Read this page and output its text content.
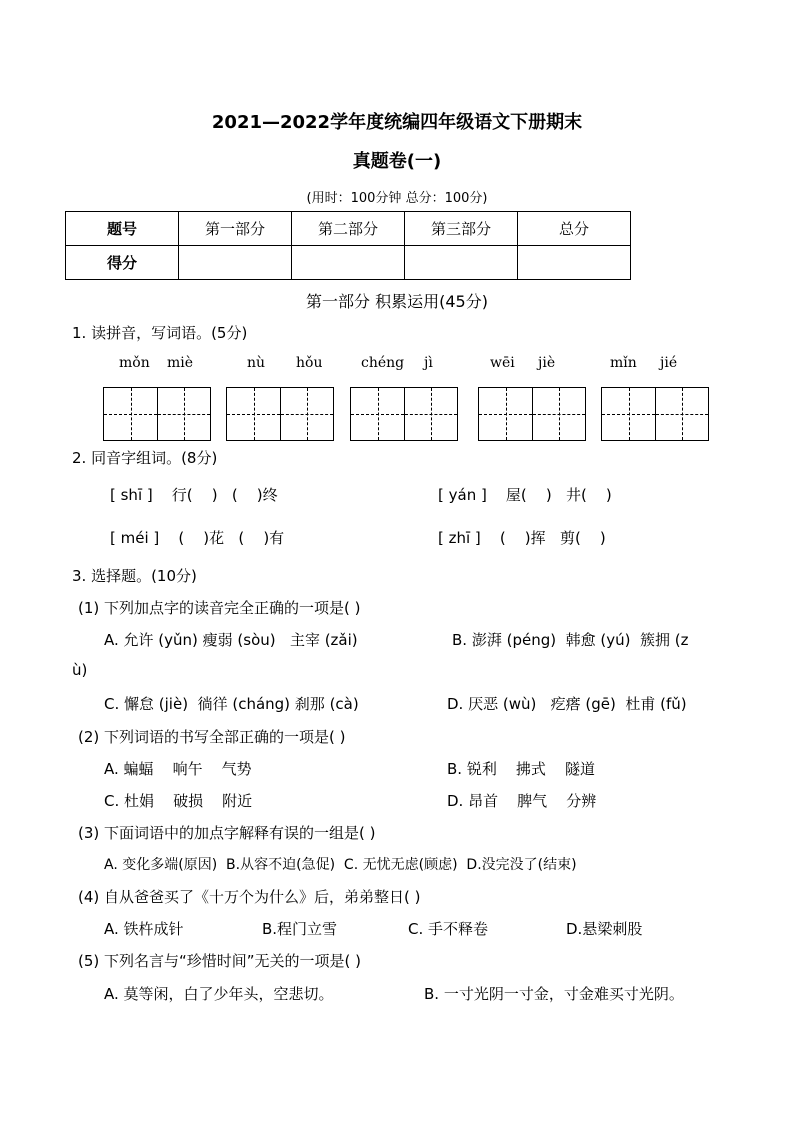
2021—2022学年度统编四年级语文下册期末
真题卷(一)
(用时：100分钟 总分：100分)
题号	第一部分	第二部分	第三部分	总分
得分				
第一部分 积累运用(45分)
1. 读拼音，写词语。(5分)
mǒn miè	nù hǒu	chéng jì	wēi jiè	mǐn jié
2. 同音字组词。(8分)
[ shī ]    行(    )   (    )终	[ yán ]    屋(    )   井(    )
[ méi ]    (    )花   (    )有	[ zhī ]    (    )挥   剪(    )
3. 选择题。(10分)
(1) 下列加点字的读音完全正确的一项是( )
A. 允许 (yǔn) 瘦弱 (sòu)   主宰 (zǎi)	B. 澎湃 (péng)  韩愈 (yú)  簇拥 (z
ù)
C. 懈怠 (jiè)  徜徉 (cháng) 刹那 (cà)	D. 厌恶 (wù)   疙瘩 (gē)  杜甫 (fǔ)
(2) 下列词语的书写全部正确的一项是( )
A. 蝙蝠    响午    气势	B. 锐利    拂式    隧道
C. 杜娟    破损    附近	D. 昂首    脾气    分辨
(3) 下面词语中的加点字解释有误的一组是( )
A. 变化多端(原因)  B.从容不迫(急促)  C. 无忧无虑(顾虑)  D.没完没了(结束)
(4) 自从爸爸买了《十万个为什么》后，弟弟整日( )
A. 铁杵成针	B.程门立雪	C. 手不释卷	D.悬梁刺股
(5) 下列名言与“珍惜时间”无关的一项是( )
A. 莫等闲，白了少年头，空悲切。	B. 一寸光阴一寸金，寸金难买寸光阴。
